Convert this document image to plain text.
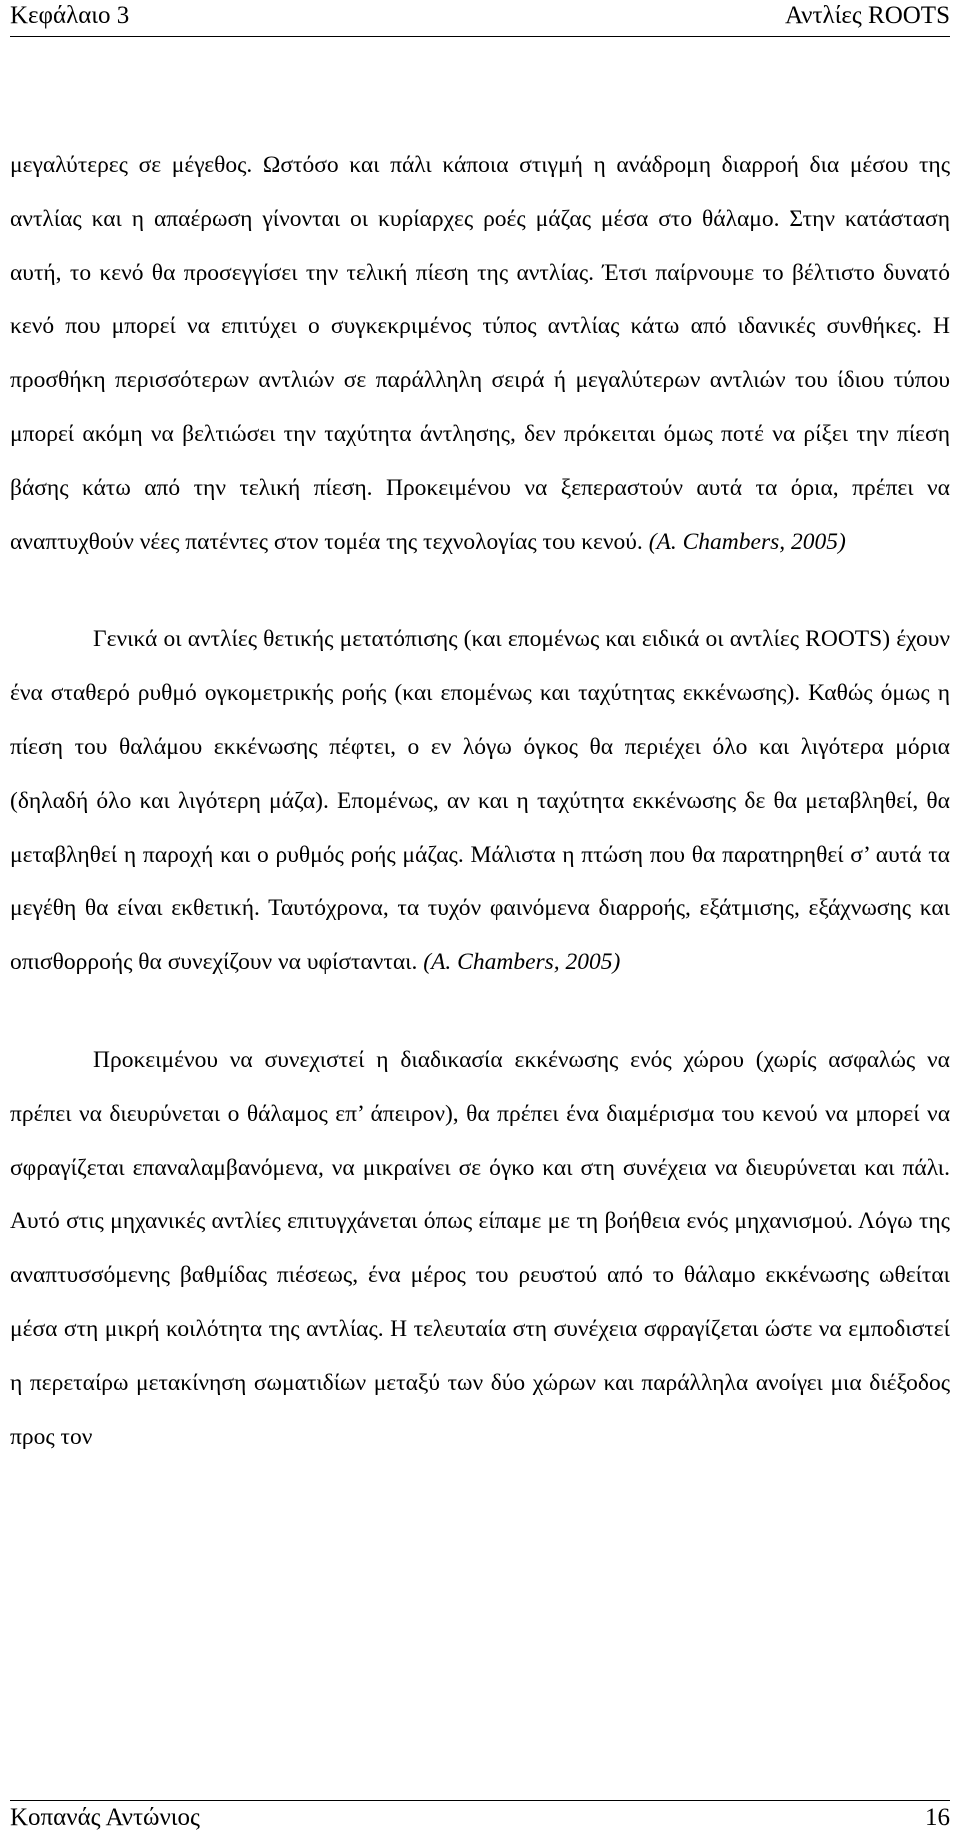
Κεφάλαιο 3	Αντλίες ROOTS

μεγαλύτερες σε μέγεθος. Ωστόσο και πάλι κάποια στιγμή η ανάδρομη διαρροή δια μέσου της αντλίας και η απαέρωση γίνονται οι κυρίαρχες ροές μάζας μέσα στο θάλαμο. Στην κατάσταση αυτή, το κενό θα προσεγγίσει την τελική πίεση της αντλίας. Έτσι παίρνουμε το βέλτιστο δυνατό κενό που μπορεί να επιτύχει ο συγκεκριμένος τύπος αντλίας κάτω από ιδανικές συνθήκες. Η προσθήκη περισσότερων αντλιών σε παράλληλη σειρά ή μεγαλύτερων αντλιών του ίδιου τύπου μπορεί ακόμη να βελτιώσει την ταχύτητα άντλησης, δεν πρόκειται όμως ποτέ να ρίξει την πίεση βάσης κάτω από την τελική πίεση. Προκειμένου να ξεπεραστούν αυτά τα όρια, πρέπει να αναπτυχθούν νέες πατέντες στον τομέα της τεχνολογίας του κενού. (Α. Chambers, 2005)

Γενικά οι αντλίες θετικής μετατόπισης (και επομένως και ειδικά οι αντλίες ROOTS) έχουν ένα σταθερό ρυθμό ογκομετρικής ροής (και επομένως και ταχύτητας εκκένωσης). Καθώς όμως η πίεση του θαλάμου εκκένωσης πέφτει, ο εν λόγω όγκος θα περιέχει όλο και λιγότερα μόρια (δηλαδή όλο και λιγότερη μάζα). Επομένως, αν και η ταχύτητα εκκένωσης δε θα μεταβληθεί, θα μεταβληθεί η παροχή και ο ρυθμός ροής μάζας. Μάλιστα η πτώση που θα παρατηρηθεί σ’ αυτά τα μεγέθη θα είναι εκθετική. Ταυτόχρονα, τα τυχόν φαινόμενα διαρροής, εξάτμισης, εξάχνωσης και οπισθορροής θα συνεχίζουν να υφίστανται. (Α. Chambers, 2005)

Προκειμένου να συνεχιστεί η διαδικασία εκκένωσης ενός χώρου (χωρίς ασφαλώς να πρέπει να διευρύνεται ο θάλαμος επ’ άπειρον), θα πρέπει ένα διαμέρισμα του κενού να μπορεί να σφραγίζεται επαναλαμβανόμενα, να μικραίνει σε όγκο και στη συνέχεια να διευρύνεται και πάλι. Αυτό στις μηχανικές αντλίες επιτυγχάνεται όπως είπαμε με τη βοήθεια ενός μηχανισμού. Λόγω της αναπτυσσόμενης βαθμίδας πιέσεως, ένα μέρος του ρευστού από το θάλαμο εκκένωσης ωθείται μέσα στη μικρή κοιλότητα της αντλίας. Η τελευταία στη συνέχεια σφραγίζεται ώστε να εμποδιστεί η περεταίρω μετακίνηση σωματιδίων μεταξύ των δύο χώρων και παράλληλα ανοίγει μια διέξοδος προς τον

Κοπανάς Αντώνιος	16
